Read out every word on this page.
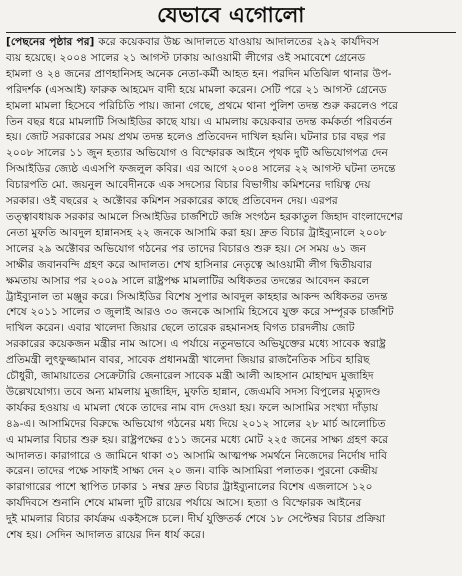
যেভাবে এগোলো
[পেছনের পৃষ্ঠার পর] করে কয়েকবার উচ্চ আদালতে যাওয়ায় আদালতের ২৯২ কার্যদিবস
ব্যয় হয়েছে। ২০০৪ সালের ২১ আগস্ট ঢাকায় আওয়ামী লীগের ওই সমাবেশে গ্রেনেড
হামলা ও ২৪ জনের প্রাণহানিসহ অনেক নেতা-কর্মী আহত হন। পরদিন মতিঝিল থানার উপ-
পরিদর্শক (এসআই) ফারুক আহমেদ বাদী হয়ে মামলা করেন। সেটি পরে ২১ আগস্ট গ্রেনেড
হামলা মামলা হিসেবে পরিচিতি পায়। জানা গেছে, প্রথমে থানা পুলিশ তদন্ত শুরু করলেও পরে
তিন বছর ধরে মামলাটি সিআইডির কাছে যায়। এ মামলায় কয়েকবার তদন্ত কর্মকর্তা পরিবর্তন
হয়। জোট সরকারের সময় প্রথম তদন্ত হলেও প্রতিবেদন দাখিল হয়নি। ঘটনার চার বছর পর
২০০৮ সালের ১১ জুন হত্যার অভিযোগ ও বিস্ফোরক আইনে পৃথক দুটি অভিযোগপত্র দেন
সিআইডির জ্যেষ্ঠ এএসপি ফজলুল কবির। এর আগে ২০০৪ সালের ২২ আগস্ট ঘটনা তদন্তে
বিচারপতি মো. জয়নুল আবেদীনকে এক সদস্যের বিচার বিভাগীয় কমিশনের দায়িত্ব দেয়
সরকার। ওই বছরের ২ অক্টোবর কমিশন সরকারের কাছে প্রতিবেদন দেয়। এরপর
তত্ত্বাবধায়ক সরকার আমলে সিআইডির চার্জশিটে জঙ্গি সংগঠন হরকাতুল জিহাদ বাংলাদেশের
নেতা মুফতি আবদুল হান্নানসহ ২২ জনকে আসামি করা হয়। দ্রুত বিচার ট্রাইব্যুনালে ২০০৮
সালের ২৯ অক্টোবর অভিযোগ গঠনের পর তাদের বিচারও শুরু হয়। সে সময় ৬১ জন
সাক্ষীর জবানবন্দি গ্রহণ করে আদালত। শেখ হাসিনার নেতৃত্বে আওয়ামী লীগ দ্বিতীয়বার
ক্ষমতায় আসার পর ২০০৯ সালে রাষ্ট্রপক্ষ মামলাটির অধিকতর তদন্তের আবেদন করলে
ট্রাইব্যুনাল তা মঞ্জুর করে। সিআইডির বিশেষ সুপার আবদুল কাহহার আকন্দ অধিকতর তদন্ত
শেষে ২০১১ সালের ৩ জুলাই আরও ৩০ জনকে আসামি হিসেবে যুক্ত করে সম্পূরক চার্জশিট
দাখিল করেন। এবার খালেদা জিয়ার ছেলে তারেক রহমানসহ বিগত চারদলীয় জোট
সরকারের কয়েকজন মন্ত্রীর নাম আসে। এ পর্যায়ে নতুনভাবে অভিযুক্তের মধ্যে সাবেক স্বরাষ্ট্র
প্রতিমন্ত্রী লুৎফুজ্জামান বাবর, সাবেক প্রধানমন্ত্রী খালেদা জিয়ার রাজনৈতিক সচিব হারিছ
চৌধুরী, জামায়াতের সেক্রেটারি জেনারেল সাবেক মন্ত্রী আলী আহসান মোহাম্মদ মুজাহিদ
উল্লেখযোগ্য। তবে অন্য মামলায় মুজাহিদ, মুফতি হান্নান, জেএমবি সদস্য বিপুলের মৃত্যুদণ্ড
কার্যকর হওয়ায় এ মামলা থেকে তাদের নাম বাদ দেওয়া হয়। ফলে আসামির সংখ্যা দাঁড়ায়
৪৯-এ। আসামিদের বিরুদ্ধে অভিযোগ গঠনের মধ্য দিয়ে ২০১২ সালের ২৮ মার্চ আলোচিত
এ মামলার বিচার শুরু হয়। রাষ্ট্রপক্ষের ৫১১ জনের মধ্যে মোট ২২৫ জনের সাক্ষ্য গ্রহণ করে
আদালত। কারাগারে ও জামিনে থাকা ৩১ আসামি আত্মপক্ষ সমর্থনে নিজেদের নির্দোষ দাবি
করেন। তাদের পক্ষে সাফাই সাক্ষ্য দেন ২০ জন। বাকি আসামিরা পলাতক। পুরনো কেন্দ্রীয়
কারাগারের পাশে স্থাপিত ঢাকার ১ নম্বর দ্রুত বিচার ট্রাইব্যুনালের বিশেষ এজলাসে ১২০
কার্যদিবসে শুনানি শেষে মামলা দুটি রায়ের পর্যায়ে আসে। হত্যা ও বিস্ফোরক আইনের
দুই মামলার বিচার কার্যক্রম একইসঙ্গে চলে। দীর্ঘ যুক্তিতর্ক শেষে ১৮ সেপ্টেম্বর বিচার প্রক্রিয়া
শেষ হয়। সেদিন আদালত রায়ের দিন ধার্য করে।
